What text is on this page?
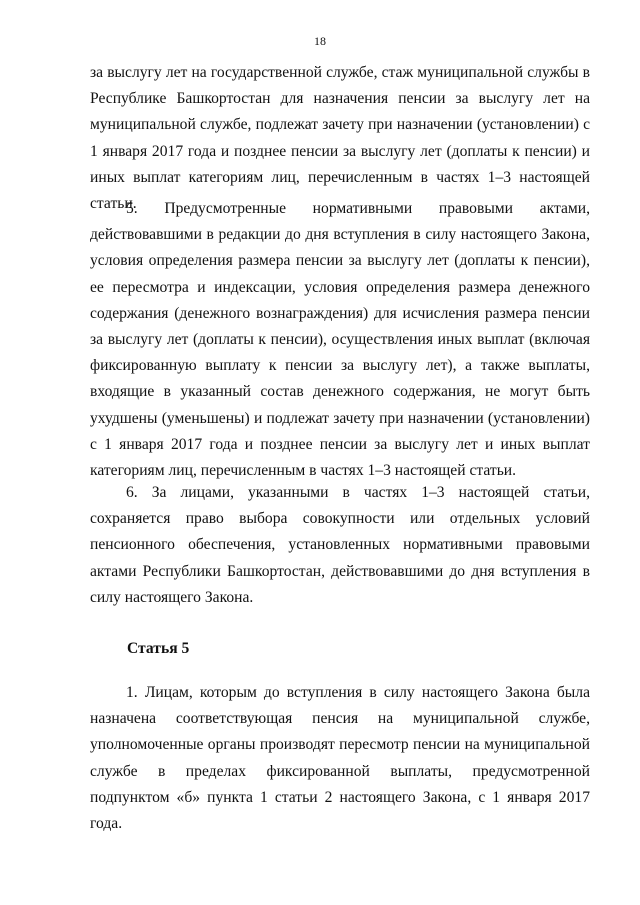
18

за выслугу лет на государственной службе, стаж муниципальной службы в Республике Башкортостан для назначения пенсии за выслугу лет на муниципальной службе, подлежат зачету при назначении (установлении) с 1 января 2017 года и позднее пенсии за выслугу лет (доплаты к пенсии) и иных выплат категориям лиц, перечисленным в частях 1–3 настоящей статьи.

5. Предусмотренные нормативными правовыми актами, действовавшими в редакции до дня вступления в силу настоящего Закона, условия определения размера пенсии за выслугу лет (доплаты к пенсии), ее пересмотра и индексации, условия определения размера денежного содержания (денежного вознаграждения) для исчисления размера пенсии за выслугу лет (доплаты к пенсии), осуществления иных выплат (включая фиксированную выплату к пенсии за выслугу лет), а также выплаты, входящие в указанный состав денежного содержания, не могут быть ухудшены (уменьшены) и подлежат зачету при назначении (установлении) с 1 января 2017 года и позднее пенсии за выслугу лет и иных выплат категориям лиц, перечисленным в частях 1–3 настоящей статьи.

6. За лицами, указанными в частях 1–3 настоящей статьи, сохраняется право выбора совокупности или отдельных условий пенсионного обеспечения, установленных нормативными правовыми актами Республики Башкортостан, действовавшими до дня вступления в силу настоящего Закона.

Статья 5

1. Лицам, которым до вступления в силу настоящего Закона была назначена соответствующая пенсия на муниципальной службе, уполномоченные органы производят пересмотр пенсии на муниципальной службе в пределах фиксированной выплаты, предусмотренной подпунктом «б» пункта 1 статьи 2 настоящего Закона, с 1 января 2017 года.
